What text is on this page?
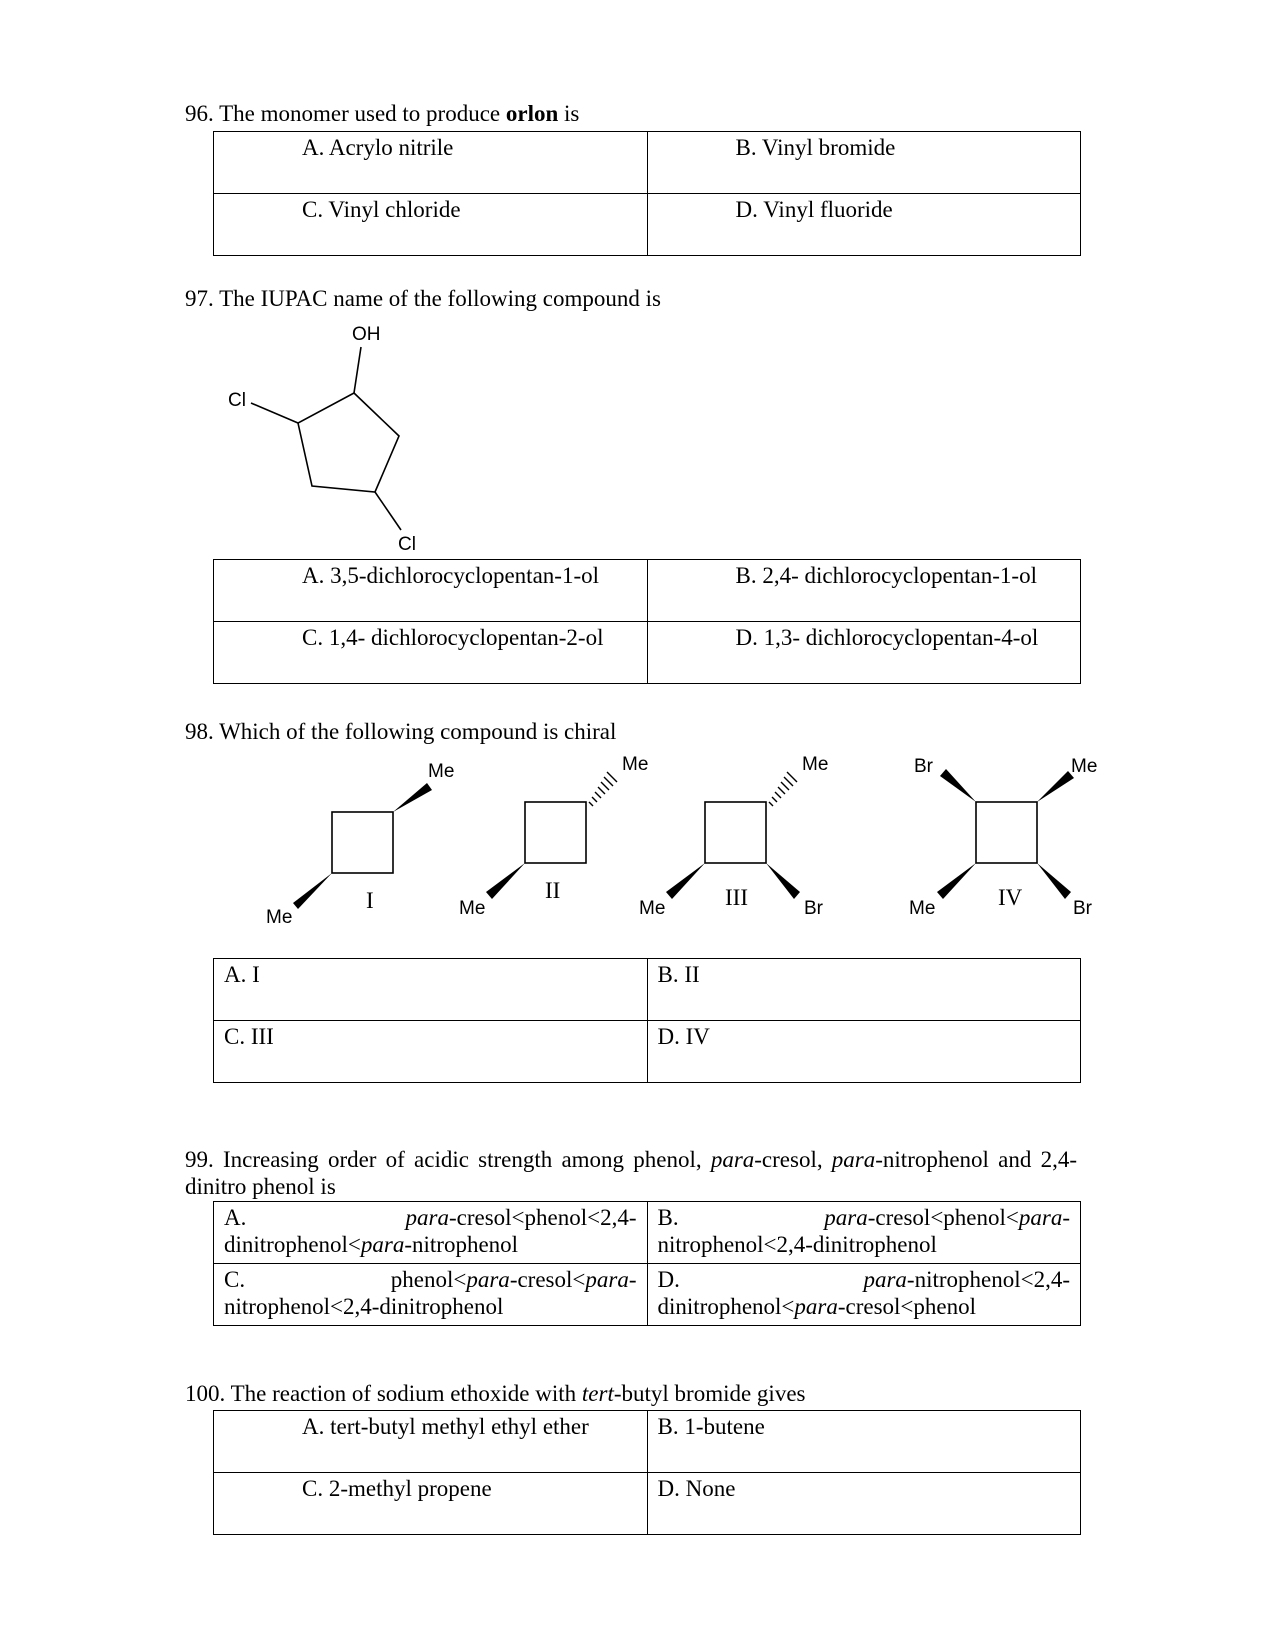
96. The monomer used to produce orlon is
A. Acrylo nitrile	B. Vinyl bromide
C. Vinyl chloride	D. Vinyl fluoride
97. The IUPAC name of the following compound is
OH
Cl
Cl
A. 3,5-dichlorocyclopentan-1-ol	B. 2,4- dichlorocyclopentan-1-ol

C. 1,4- dichlorocyclopentan-2-ol	D. 1,3- dichlorocyclopentan-4-ol
98. Which of the following compound is chiral
Me
Me
I
Me
Me
II
Me
Me	Br
III
Br	Me
Me	Br
IV
A. I	B. II
C. III	D. IV
99. Increasing order of acidic strength among phenol, para-cresol, para-nitrophenol and 2,4-dinitro phenol is
A. para-cresol<phenol<2,4-dinitrophenol<para-nitrophenol	B. para-cresol<phenol<para-nitrophenol<2,4-dinitrophenol
C. phenol<para-cresol<para-nitrophenol<2,4-dinitrophenol	D. para-nitrophenol<2,4-dinitrophenol<para-cresol<phenol
100. The reaction of sodium ethoxide with tert-butyl bromide gives
A. tert-butyl methyl ethyl ether	B. 1-butene
C. 2-methyl propene	D. None
